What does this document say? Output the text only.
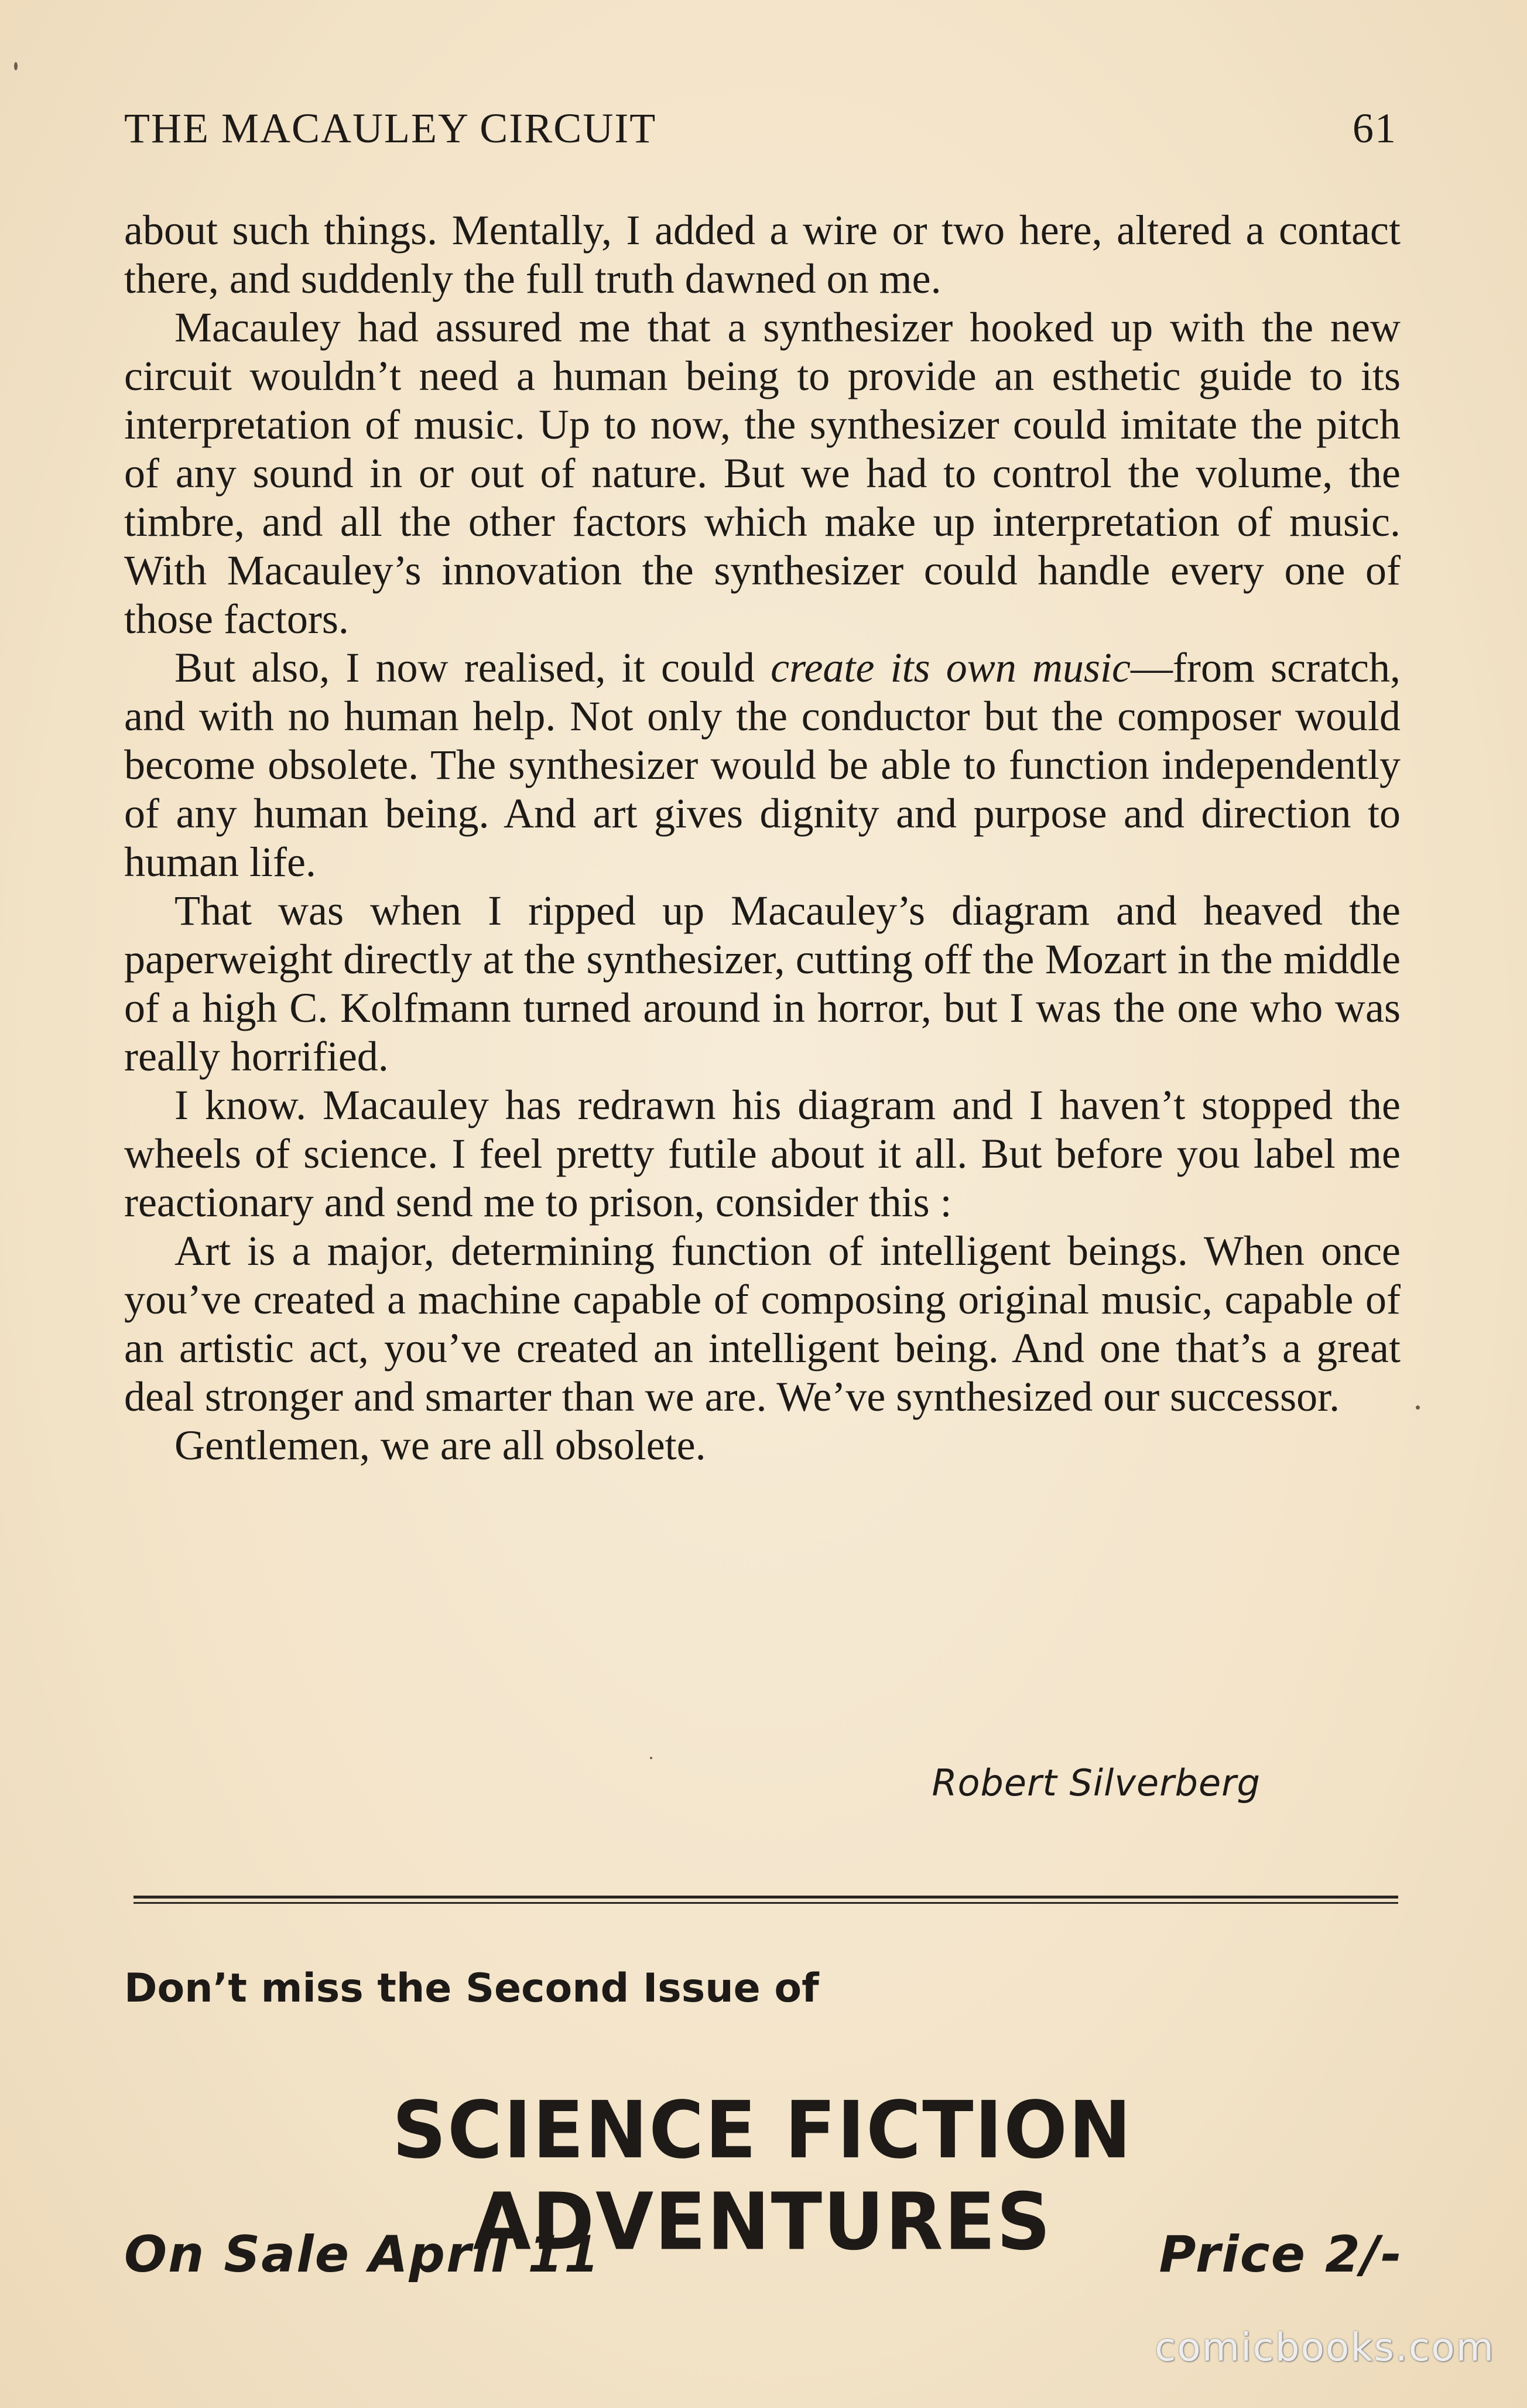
THE MACAULEY CIRCUIT	61

about such things. Mentally, I added a wire or two here, altered a contact there, and suddenly the full truth dawned on me.

Macauley had assured me that a synthesizer hooked up with the new circuit wouldn’t need a human being to provide an esthetic guide to its interpretation of music. Up to now, the synthesizer could imitate the pitch of any sound in or out of nature. But we had to control the volume, the timbre, and all the other factors which make up interpretation of music. With Macauley’s innovation the synthesizer could handle every one of those factors.

But also, I now realised, it could create its own music—from scratch, and with no human help. Not only the conductor but the composer would become obsolete. The synthesizer would be able to function independently of any human being. And art gives dignity and purpose and direction to human life.

That was when I ripped up Macauley’s diagram and heaved the paperweight directly at the synthesizer, cutting off the Mozart in the middle of a high C. Kolfmann turned around in horror, but I was the one who was really horrified.

I know. Macauley has redrawn his diagram and I haven’t stopped the wheels of science. I feel pretty futile about it all. But before you label me reactionary and send me to prison, consider this :

Art is a major, determining function of intelligent beings. When once you’ve created a machine capable of composing original music, capable of an artistic act, you’ve created an intelligent being. And one that’s a great deal stronger and smarter than we are. We’ve synthesized our successor.

Gentlemen, we are all obsolete.

Robert Silverberg
Don’t miss the Second Issue of
SCIENCE FICTION ADVENTURES
On Sale April 11	Price 2/-
comicbooks.com
